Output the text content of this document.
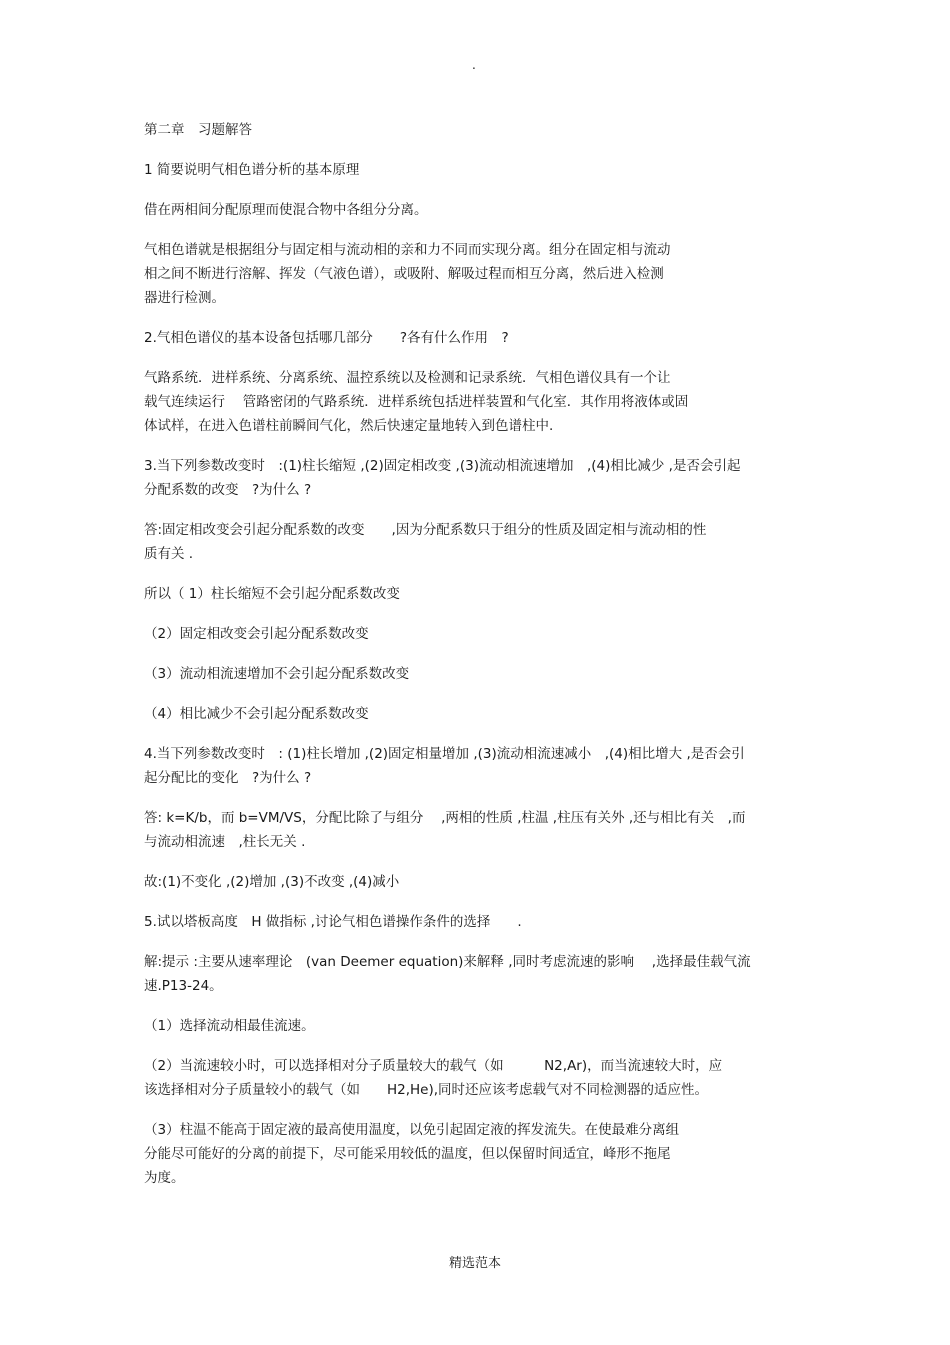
.

第二章　习题解答

1 简要说明气相色谱分析的基本原理

借在两相间分配原理而使混合物中各组分分离。

气相色谱就是根据组分与固定相与流动相的亲和力不同而实现分离。组分在固定相与流动
相之间不断进行溶解、挥发（气液色谱），或吸附、解吸过程而相互分离，然后进入检测
器进行检测。

2.气相色谱仪的基本设备包括哪几部分　　?各有什么作用　?

气路系统．进样系统、分离系统、温控系统以及检测和记录系统．气相色谱仪具有一个让
载气连续运行　 管路密闭的气路系统．进样系统包括进样装置和气化室．其作用将液体或固
体试样，在进入色谱柱前瞬间气化，然后快速定量地转入到色谱柱中.

3.当下列参数改变时　:(1)柱长缩短 ,(2)固定相改变 ,(3)流动相流速增加　,(4)相比减少 ,是否会引起
分配系数的改变　?为什么 ?

答:固定相改变会引起分配系数的改变　　,因为分配系数只于组分的性质及固定相与流动相的性
质有关 .

所以（ 1）柱长缩短不会引起分配系数改变

（2）固定相改变会引起分配系数改变

（3）流动相流速增加不会引起分配系数改变

（4）相比减少不会引起分配系数改变

4.当下列参数改变时　: (1)柱长增加 ,(2)固定相量增加 ,(3)流动相流速减小　,(4)相比增大 ,是否会引
起分配比的变化　?为什么 ?

答: k=K/b，而 b=VM/VS，分配比除了与组分　 ,两相的性质 ,柱温 ,柱压有关外 ,还与相比有关　,而
与流动相流速　,柱长无关 .

故:(1)不变化 ,(2)增加 ,(3)不改变 ,(4)减小

5.试以塔板高度　H 做指标 ,讨论气相色谱操作条件的选择　　.

解:提示 :主要从速率理论　(van Deemer equation)来解释 ,同时考虑流速的影响　 ,选择最佳载气流
速.P13-24。

（1）选择流动相最佳流速。

（2）当流速较小时，可以选择相对分子质量较大的载气（如　　　N2,Ar)，而当流速较大时，应
该选择相对分子质量较小的载气（如　　H2,He),同时还应该考虑载气对不同检测器的适应性。

（3）柱温不能高于固定液的最高使用温度，以免引起固定液的挥发流失。在使最难分离组
分能尽可能好的分离的前提下，尽可能采用较低的温度，但以保留时间适宜，峰形不拖尾
为度。

精选范本
